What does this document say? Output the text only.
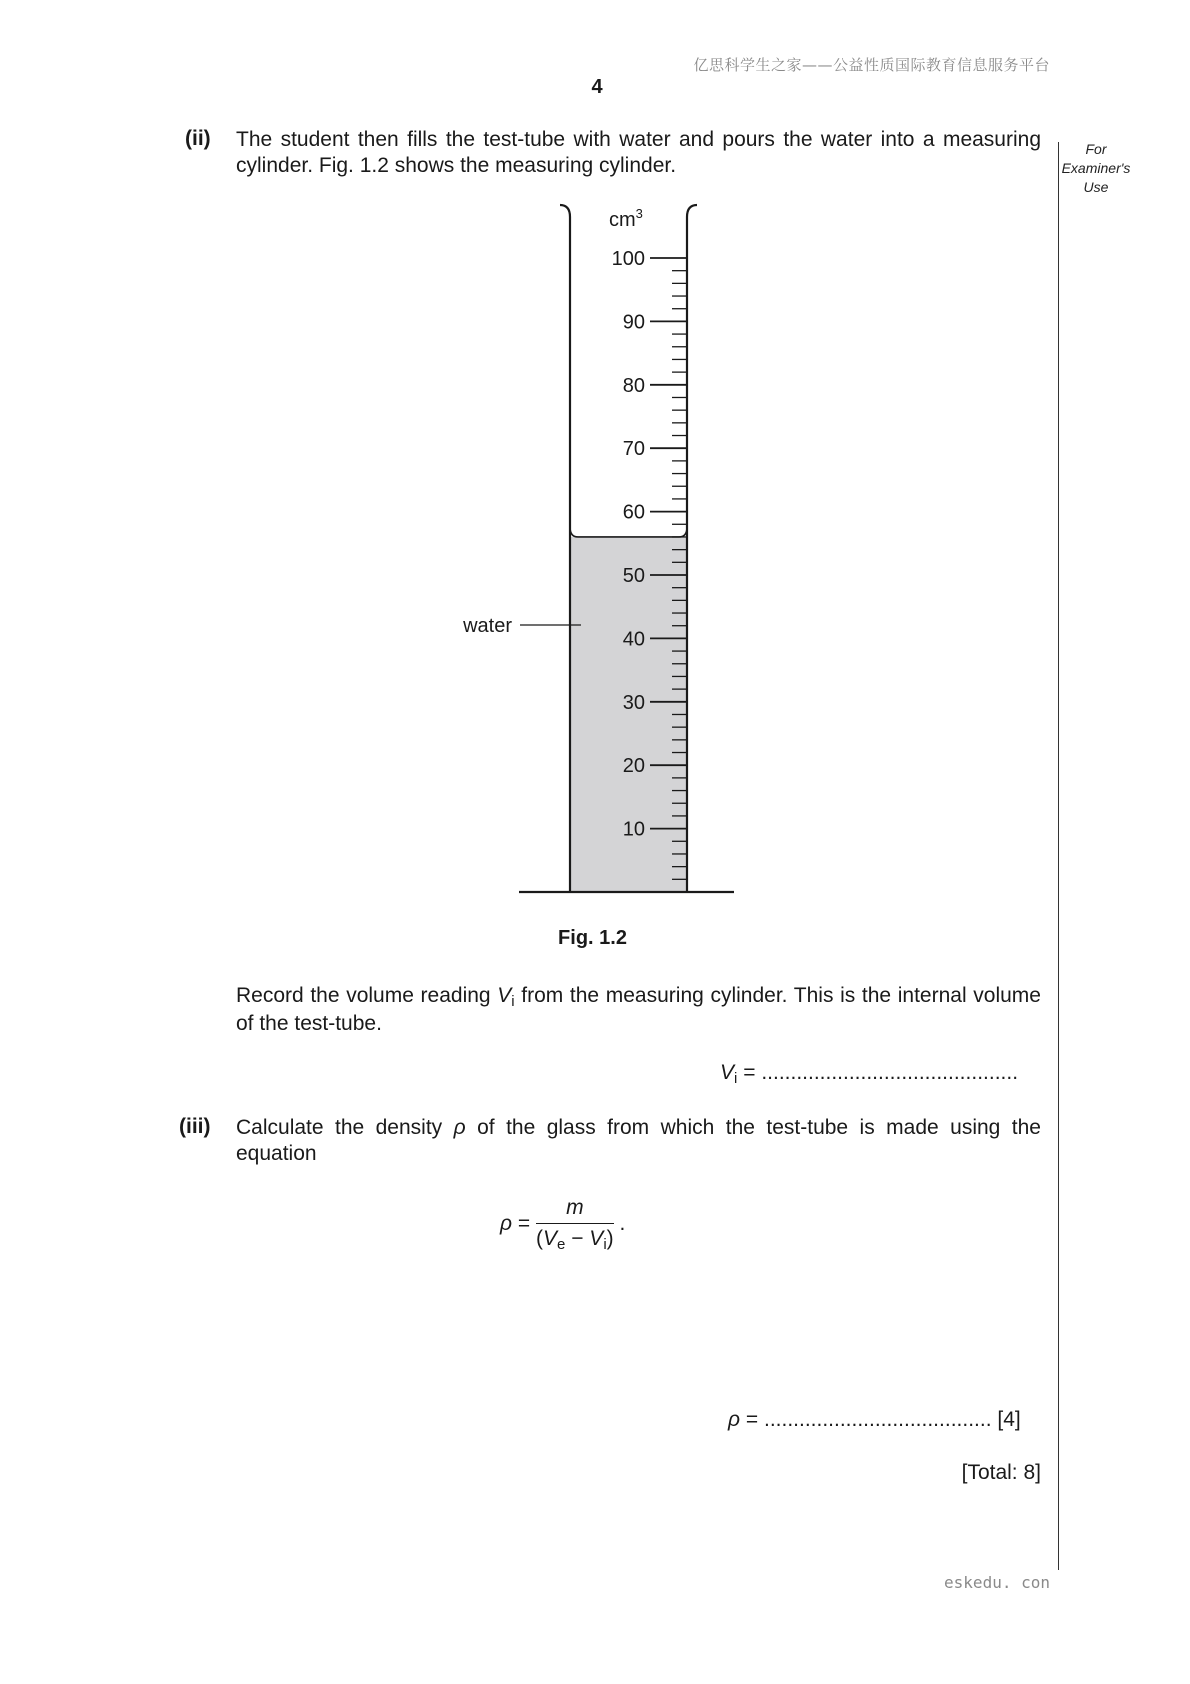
亿思科学生之家——公益性质国际教育信息服务平台
4
For
Examiner's
Use
(ii) The student then fills the test-tube with water and pours the water into a measuring cylinder. Fig. 1.2 shows the measuring cylinder.
100
90
80
70
60
50
40
30
20
10
$cm^3$
water
Fig. 1.2
Record the volume reading $V_i$ from the measuring cylinder. This is the internal volume of the test-tube.
$V_i$ = ............................................
(iii) Calculate the density ρ of the glass from which the test-tube is made using the equation
$\rho = \frac{m}{(V_e - V_i)}$ .
ρ = ....................................... [4]
[Total: 8]
eskedu. con
